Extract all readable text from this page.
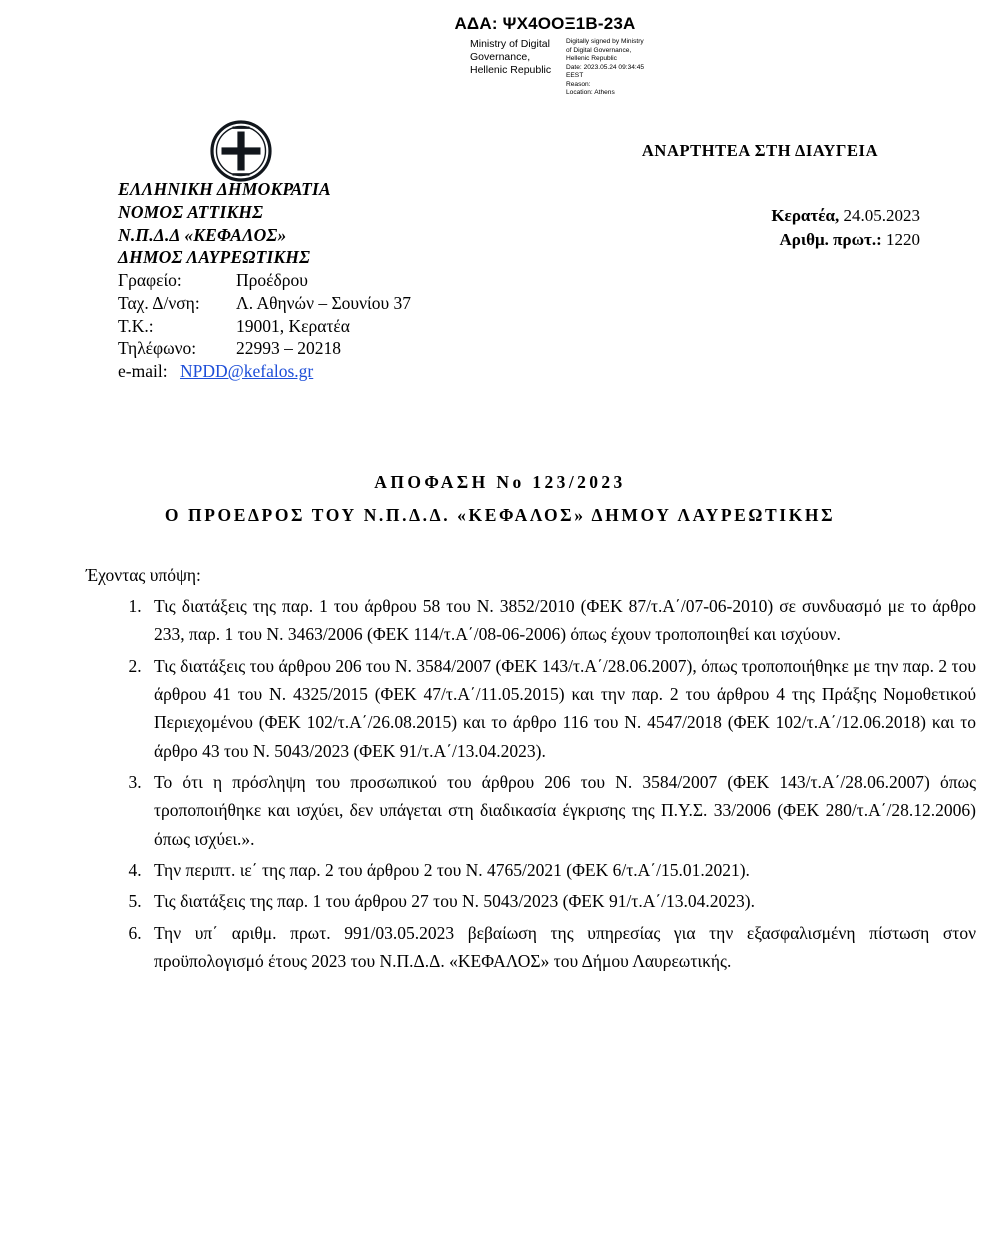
ΑΔΑ: ΨΧ4ΟΟΞ1Β-23Α
Ministry of Digital Governance, Hellenic Republic
Digitally signed by Ministry
of Digital Governance,
Hellenic Republic
Date: 2023.05.24 09:34:45
EEST
Reason:
Location: Athens
ΑΝΑΡΤΗΤΕΑ ΣΤΗ ΔΙΑΥΓΕΙΑ
Κερατέα, 24.05.2023
Αριθμ. πρωτ.: 1220
ΕΛΛΗΝΙΚΗ ΔΗΜΟΚΡΑΤΙΑ
ΝΟΜΟΣ ΑΤΤΙΚΗΣ
Ν.Π.Δ.Δ «ΚΕΦΑΛΟΣ»
ΔΗΜΟΣ ΛΑΥΡΕΩΤΙΚΗΣ
Γραφείο:	Προέδρου
Ταχ. Δ/νση:	Λ. Αθηνών – Σουνίου 37
Τ.Κ.:	19001, Κερατέα
Τηλέφωνο:	22993 – 20218
e-mail: NPDD@kefalos.gr
ΑΠΟΦΑΣΗ Νο 123/2023
Ο ΠΡΟΕΔΡΟΣ ΤΟΥ Ν.Π.Δ.Δ. «ΚΕΦΑΛΟΣ» ΔΗΜΟΥ ΛΑΥΡΕΩΤΙΚΗΣ
Έχοντας υπόψη:
1. Τις διατάξεις της παρ. 1 του άρθρου 58 του Ν. 3852/2010 (ΦΕΚ 87/τ.Α΄/07-06-2010) σε συνδυασμό με το άρθρο 233, παρ. 1 του Ν. 3463/2006 (ΦΕΚ 114/τ.Α΄/08-06-2006) όπως έχουν τροποποιηθεί και ισχύουν.
2. Τις διατάξεις του άρθρου 206 του Ν. 3584/2007 (ΦΕΚ 143/τ.Α΄/28.06.2007), όπως τροποποιήθηκε με την παρ. 2 του άρθρου 41 του Ν. 4325/2015 (ΦΕΚ 47/τ.Α΄/11.05.2015) και την παρ. 2 του άρθρου 4 της Πράξης Νομοθετικού Περιεχομένου (ΦΕΚ 102/τ.Α΄/26.08.2015) και το άρθρο 116 του Ν. 4547/2018 (ΦΕΚ 102/τ.Α΄/12.06.2018) και το άρθρο 43 του Ν. 5043/2023 (ΦΕΚ 91/τ.Α΄/13.04.2023).
3. Το ότι η πρόσληψη του προσωπικού του άρθρου 206 του Ν. 3584/2007 (ΦΕΚ 143/τ.Α΄/28.06.2007) όπως τροποποιήθηκε και ισχύει, δεν υπάγεται στη διαδικασία έγκρισης της Π.Υ.Σ. 33/2006 (ΦΕΚ 280/τ.Α΄/28.12.2006) όπως ισχύει.».
4. Την περιπτ. ιε΄ της παρ. 2 του άρθρου 2 του Ν. 4765/2021 (ΦΕΚ 6/τ.Α΄/15.01.2021).
5. Τις διατάξεις της παρ. 1 του άρθρου 27 του Ν. 5043/2023 (ΦΕΚ 91/τ.Α΄/13.04.2023).
6. Την υπ΄ αριθμ. πρωτ. 991/03.05.2023 βεβαίωση της υπηρεσίας για την εξασφαλισμένη πίστωση στον προϋπολογισμό έτους 2023 του Ν.Π.Δ.Δ. «ΚΕΦΑΛΟΣ» του Δήμου Λαυρεωτικής.
